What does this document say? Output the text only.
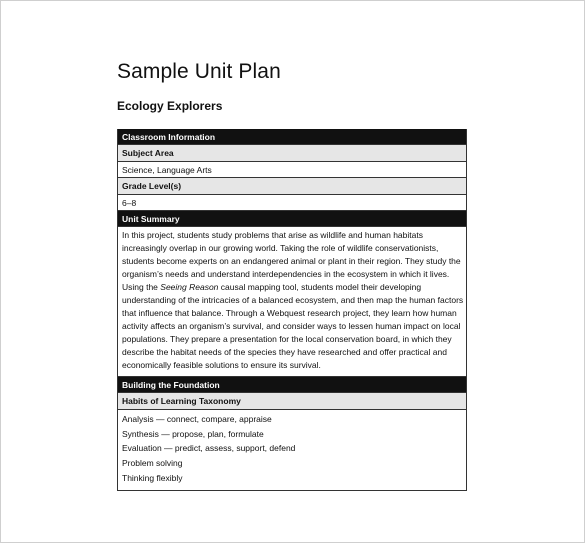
Sample Unit Plan
Ecology Explorers
Classroom Information
Subject Area
Science, Language Arts
Grade Level(s)
6–8
Unit Summary
In this project, students study problems that arise as wildlife and human habitats
increasingly overlap in our growing world. Taking the role of wildlife conservationists,
students become experts on an endangered animal or plant in their region. They study the
organism’s needs and understand interdependencies in the ecosystem in which it lives.
Using the Seeing Reason causal mapping tool, students model their developing
understanding of the intricacies of a balanced ecosystem, and then map the human factors
that influence that balance. Through a Webquest research project, they learn how human
activity affects an organism’s survival, and consider ways to lessen human impact on local
populations. They prepare a presentation for the local conservation board, in which they
describe the habitat needs of the species they have researched and offer practical and
economically feasible solutions to ensure its survival.
Building the Foundation
Habits of Learning Taxonomy
Analysis — connect, compare, appraise
Synthesis — propose, plan, formulate
Evaluation — predict, assess, support, defend
Problem solving
Thinking flexibly
